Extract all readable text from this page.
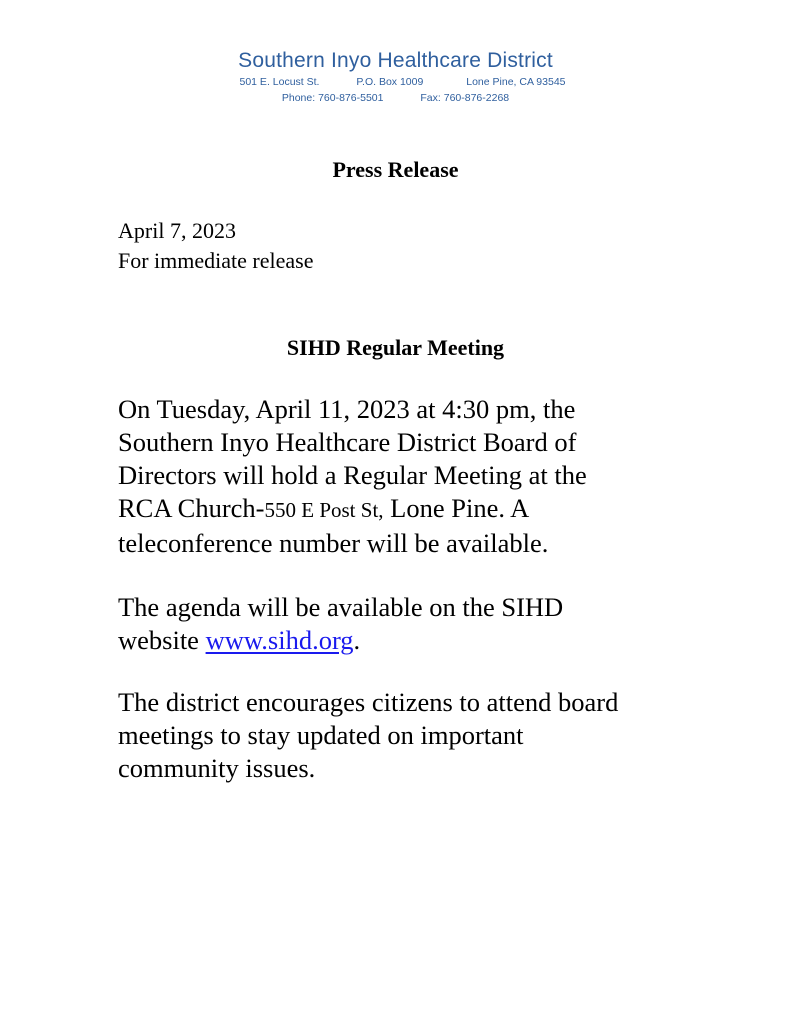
Southern Inyo Healthcare District
501 E. Locust St.	P.O. Box 1009	Lone Pine, CA 93545
Phone: 760-876-5501	Fax: 760-876-2268
Press Release
April 7, 2023
For immediate release
SIHD Regular Meeting
On Tuesday, April 11, 2023 at 4:30 pm, the
Southern Inyo Healthcare District Board of
Directors will hold a Regular Meeting at the
RCA Church-550 E Post St, Lone Pine. A
teleconference number will be available.
The agenda will be available on the SIHD
website www.sihd.org.
The district encourages citizens to attend board
meetings to stay updated on important
community issues.
